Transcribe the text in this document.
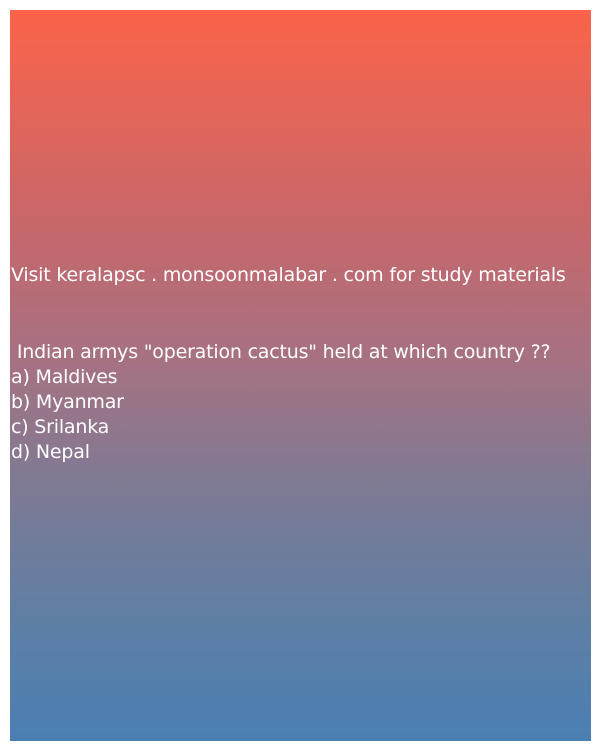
Visit keralapsc . monsoonmalabar . com for study materials

Indian armys "operation cactus" held at which country ??

a) Maldives
b) Myanmar
c) Srilanka
d) Nepal
